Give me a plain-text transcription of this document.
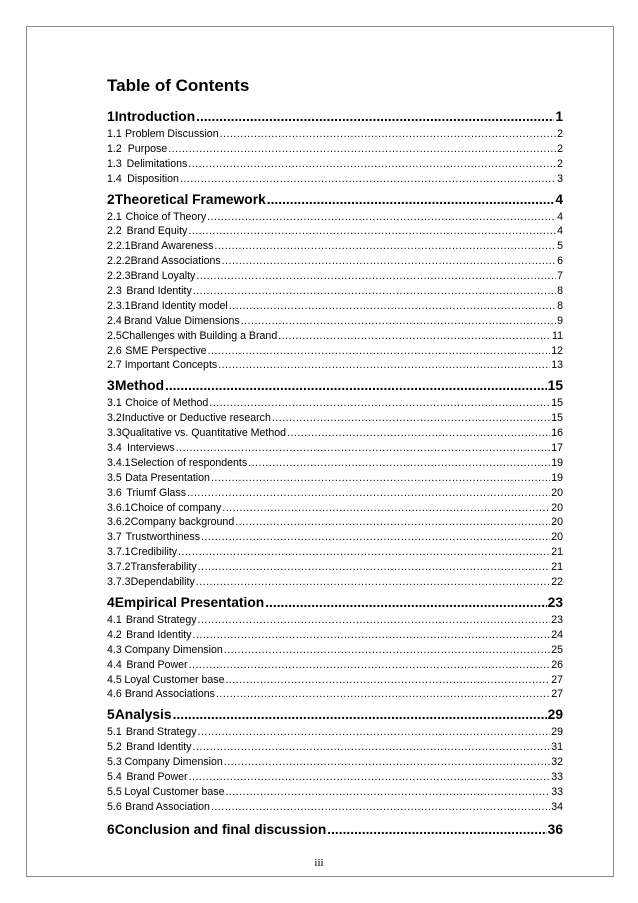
Table of Contents
1 Introduction .....	1
1.1 Problem Discussion .....	2
1.2 Purpose .....	2
1.3 Delimitations .....	2
1.4 Disposition .....	3
2 Theoretical Framework .....	4
2.1 Choice of Theory .....	4
2.2 Brand Equity .....	4
2.2.1 Brand Awareness .....	5
2.2.2 Brand Associations .....	6
2.2.3 Brand Loyalty .....	7
2.3 Brand Identity .....	8
2.3.1 Brand Identity model .....	8
2.4 Brand Value Dimensions .....	9
2.5 Challenges with Building a Brand .....	11
2.6 SME Perspective .....	12
2.7 Important Concepts .....	13
3 Method .....	15
3.1 Choice of Method .....	15
3.2 Inductive or Deductive research .....	15
3.3 Qualitative vs. Quantitative Method .....	16
3.4 Interviews .....	17
3.4.1 Selection of respondents .....	19
3.5 Data Presentation .....	19
3.6 Triumf Glass .....	20
3.6.1 Choice of company .....	20
3.6.2 Company background .....	20
3.7 Trustworthiness .....	20
3.7.1 Credibility .....	21
3.7.2 Transferability .....	21
3.7.3 Dependability .....	22
4 Empirical Presentation .....	23
4.1 Brand Strategy .....	23
4.2 Brand Identity .....	24
4.3 Company Dimension .....	25
4.4 Brand Power .....	26
4.5 Loyal Customer base .....	27
4.6 Brand Associations .....	27
5 Analysis .....	29
5.1 Brand Strategy .....	29
5.2 Brand Identity .....	31
5.3 Company Dimension .....	32
5.4 Brand Power .....	33
5.5 Loyal Customer base .....	33
5.6 Brand Association .....	34
6 Conclusion and final discussion .....	36
iii
